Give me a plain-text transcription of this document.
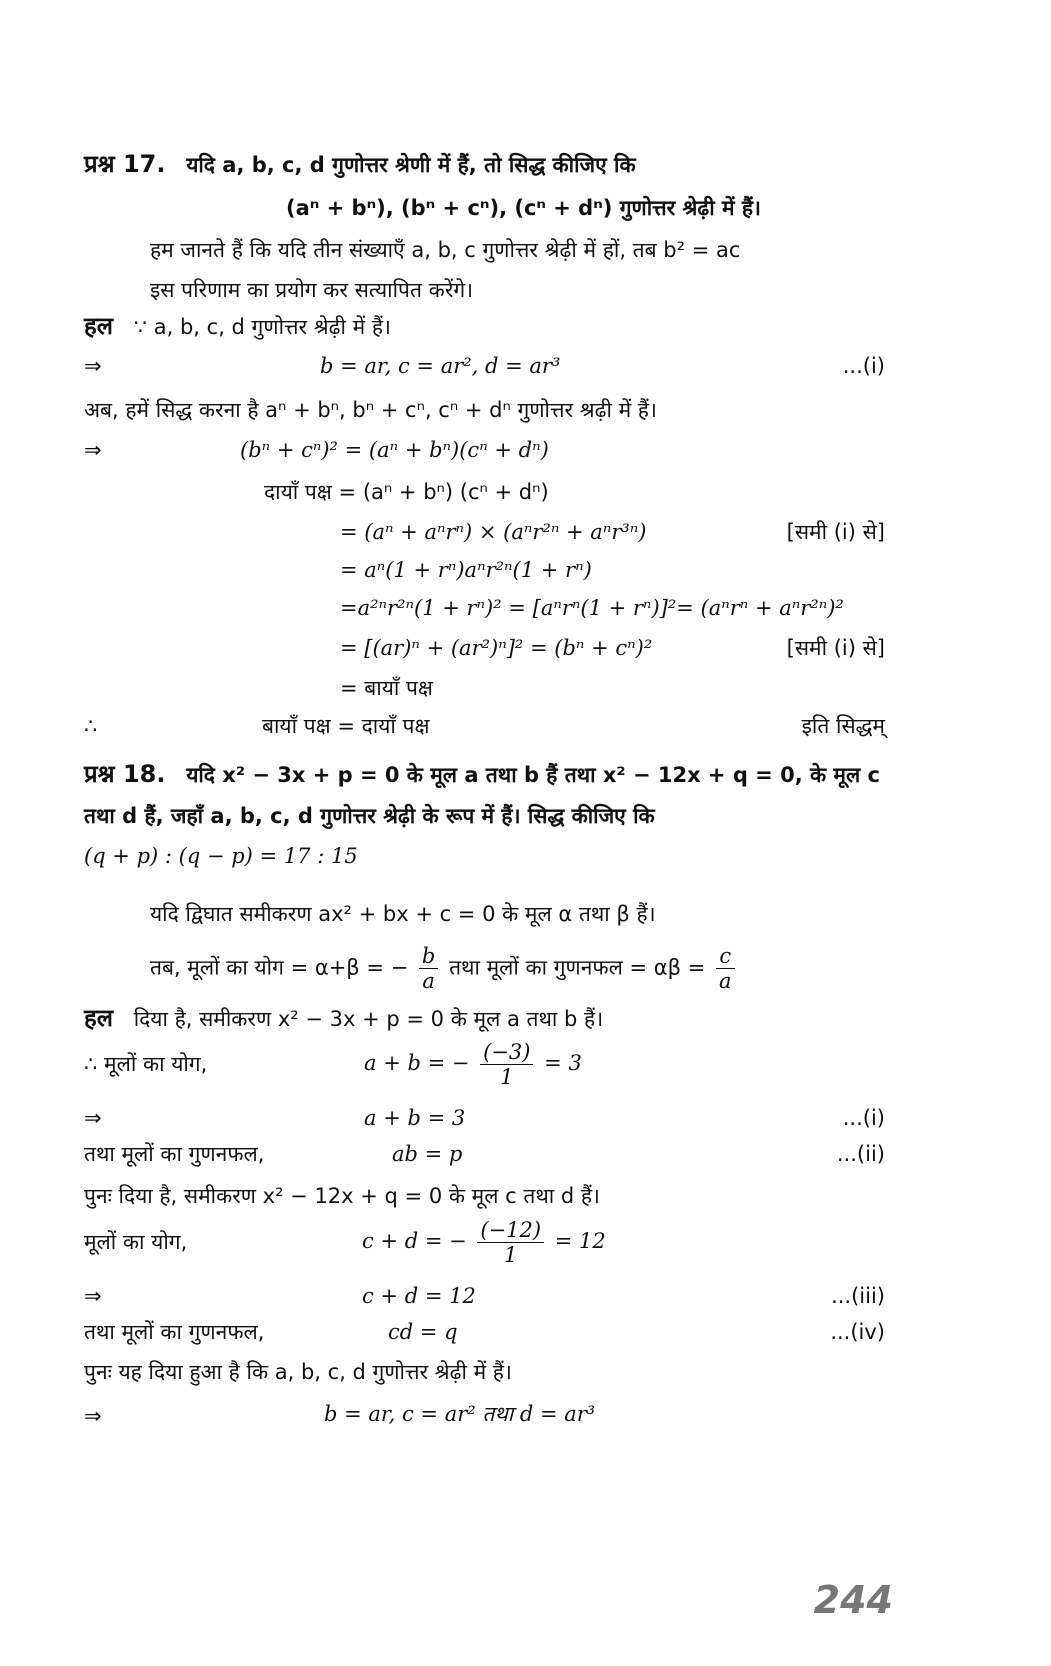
प्रश्न 17. यदि a, b, c, d गुणोत्तर श्रेणी में हैं, तो सिद्ध कीजिए कि
(aⁿ + bⁿ), (bⁿ + cⁿ), (cⁿ + dⁿ) गुणोत्तर श्रेढ़ी में हैं।
हम जानते हैं कि यदि तीन संख्याएँ a, b, c गुणोत्तर श्रेढ़ी में हों, तब b² = ac
इस परिणाम का प्रयोग कर सत्यापित करेंगे।
हल ∵ a, b, c, d गुणोत्तर श्रेढ़ी में हैं।
⇒	b = ar, c = ar², d = ar³	...(i)
अब, हमें सिद्ध करना है aⁿ + bⁿ, bⁿ + cⁿ, cⁿ + dⁿ गुणोत्तर श्रढ़ी में हैं।
⇒	(bⁿ + cⁿ)² = (aⁿ + bⁿ)(cⁿ + dⁿ)
दायाँ पक्ष = (aⁿ + bⁿ) (cⁿ + dⁿ)
= (aⁿ + aⁿrⁿ) × (aⁿr²ⁿ + aⁿr³ⁿ)	[समी (i) से]
= aⁿ(1 + rⁿ)aⁿr²ⁿ(1 + rⁿ)
=a²ⁿr²ⁿ(1 + rⁿ)² = [aⁿrⁿ(1 + rⁿ)]²= (aⁿrⁿ + aⁿr²ⁿ)²
= [(ar)ⁿ + (ar²)ⁿ]² = (bⁿ + cⁿ)²	[समी (i) से]
= बायाँ पक्ष
∴	बायाँ पक्ष = दायाँ पक्ष	इति सिद्धम्
प्रश्न 18. यदि x² − 3x + p = 0 के मूल a तथा b हैं तथा x² − 12x + q = 0, के मूल c
तथा d हैं, जहाँ a, b, c, d गुणोत्तर श्रेढ़ी के रूप में हैं। सिद्ध कीजिए कि
(q + p) : (q − p) = 17 : 15
यदि द्विघात समीकरण ax² + bx + c = 0 के मूल α तथा β हैं।
तब, मूलों का योग = α+β = − $\frac{b}{a}$ तथा मूलों का गुणनफल = $\alpha\beta = \frac{c}{a}$
हल दिया है, समीकरण x² − 3x + p = 0 के मूल a तथा b हैं।
∴ मूलों का योग,	a + b = − $\frac{(-3)}{1} = 3$
⇒	a + b = 3	...(i)
तथा मूलों का गुणनफल,	ab = p	...(ii)
पुनः दिया है, समीकरण x² − 12x + q = 0 के मूल c तथा d हैं।
मूलों का योग,	c + d = − $\frac{(-12)}{1} = 12$
⇒	c + d = 12	...(iii)
तथा मूलों का गुणनफल,	cd = q	...(iv)
पुनः यह दिया हुआ है कि a, b, c, d गुणोत्तर श्रेढ़ी में हैं।
⇒	b = ar, c = ar² तथा d = ar³
244
